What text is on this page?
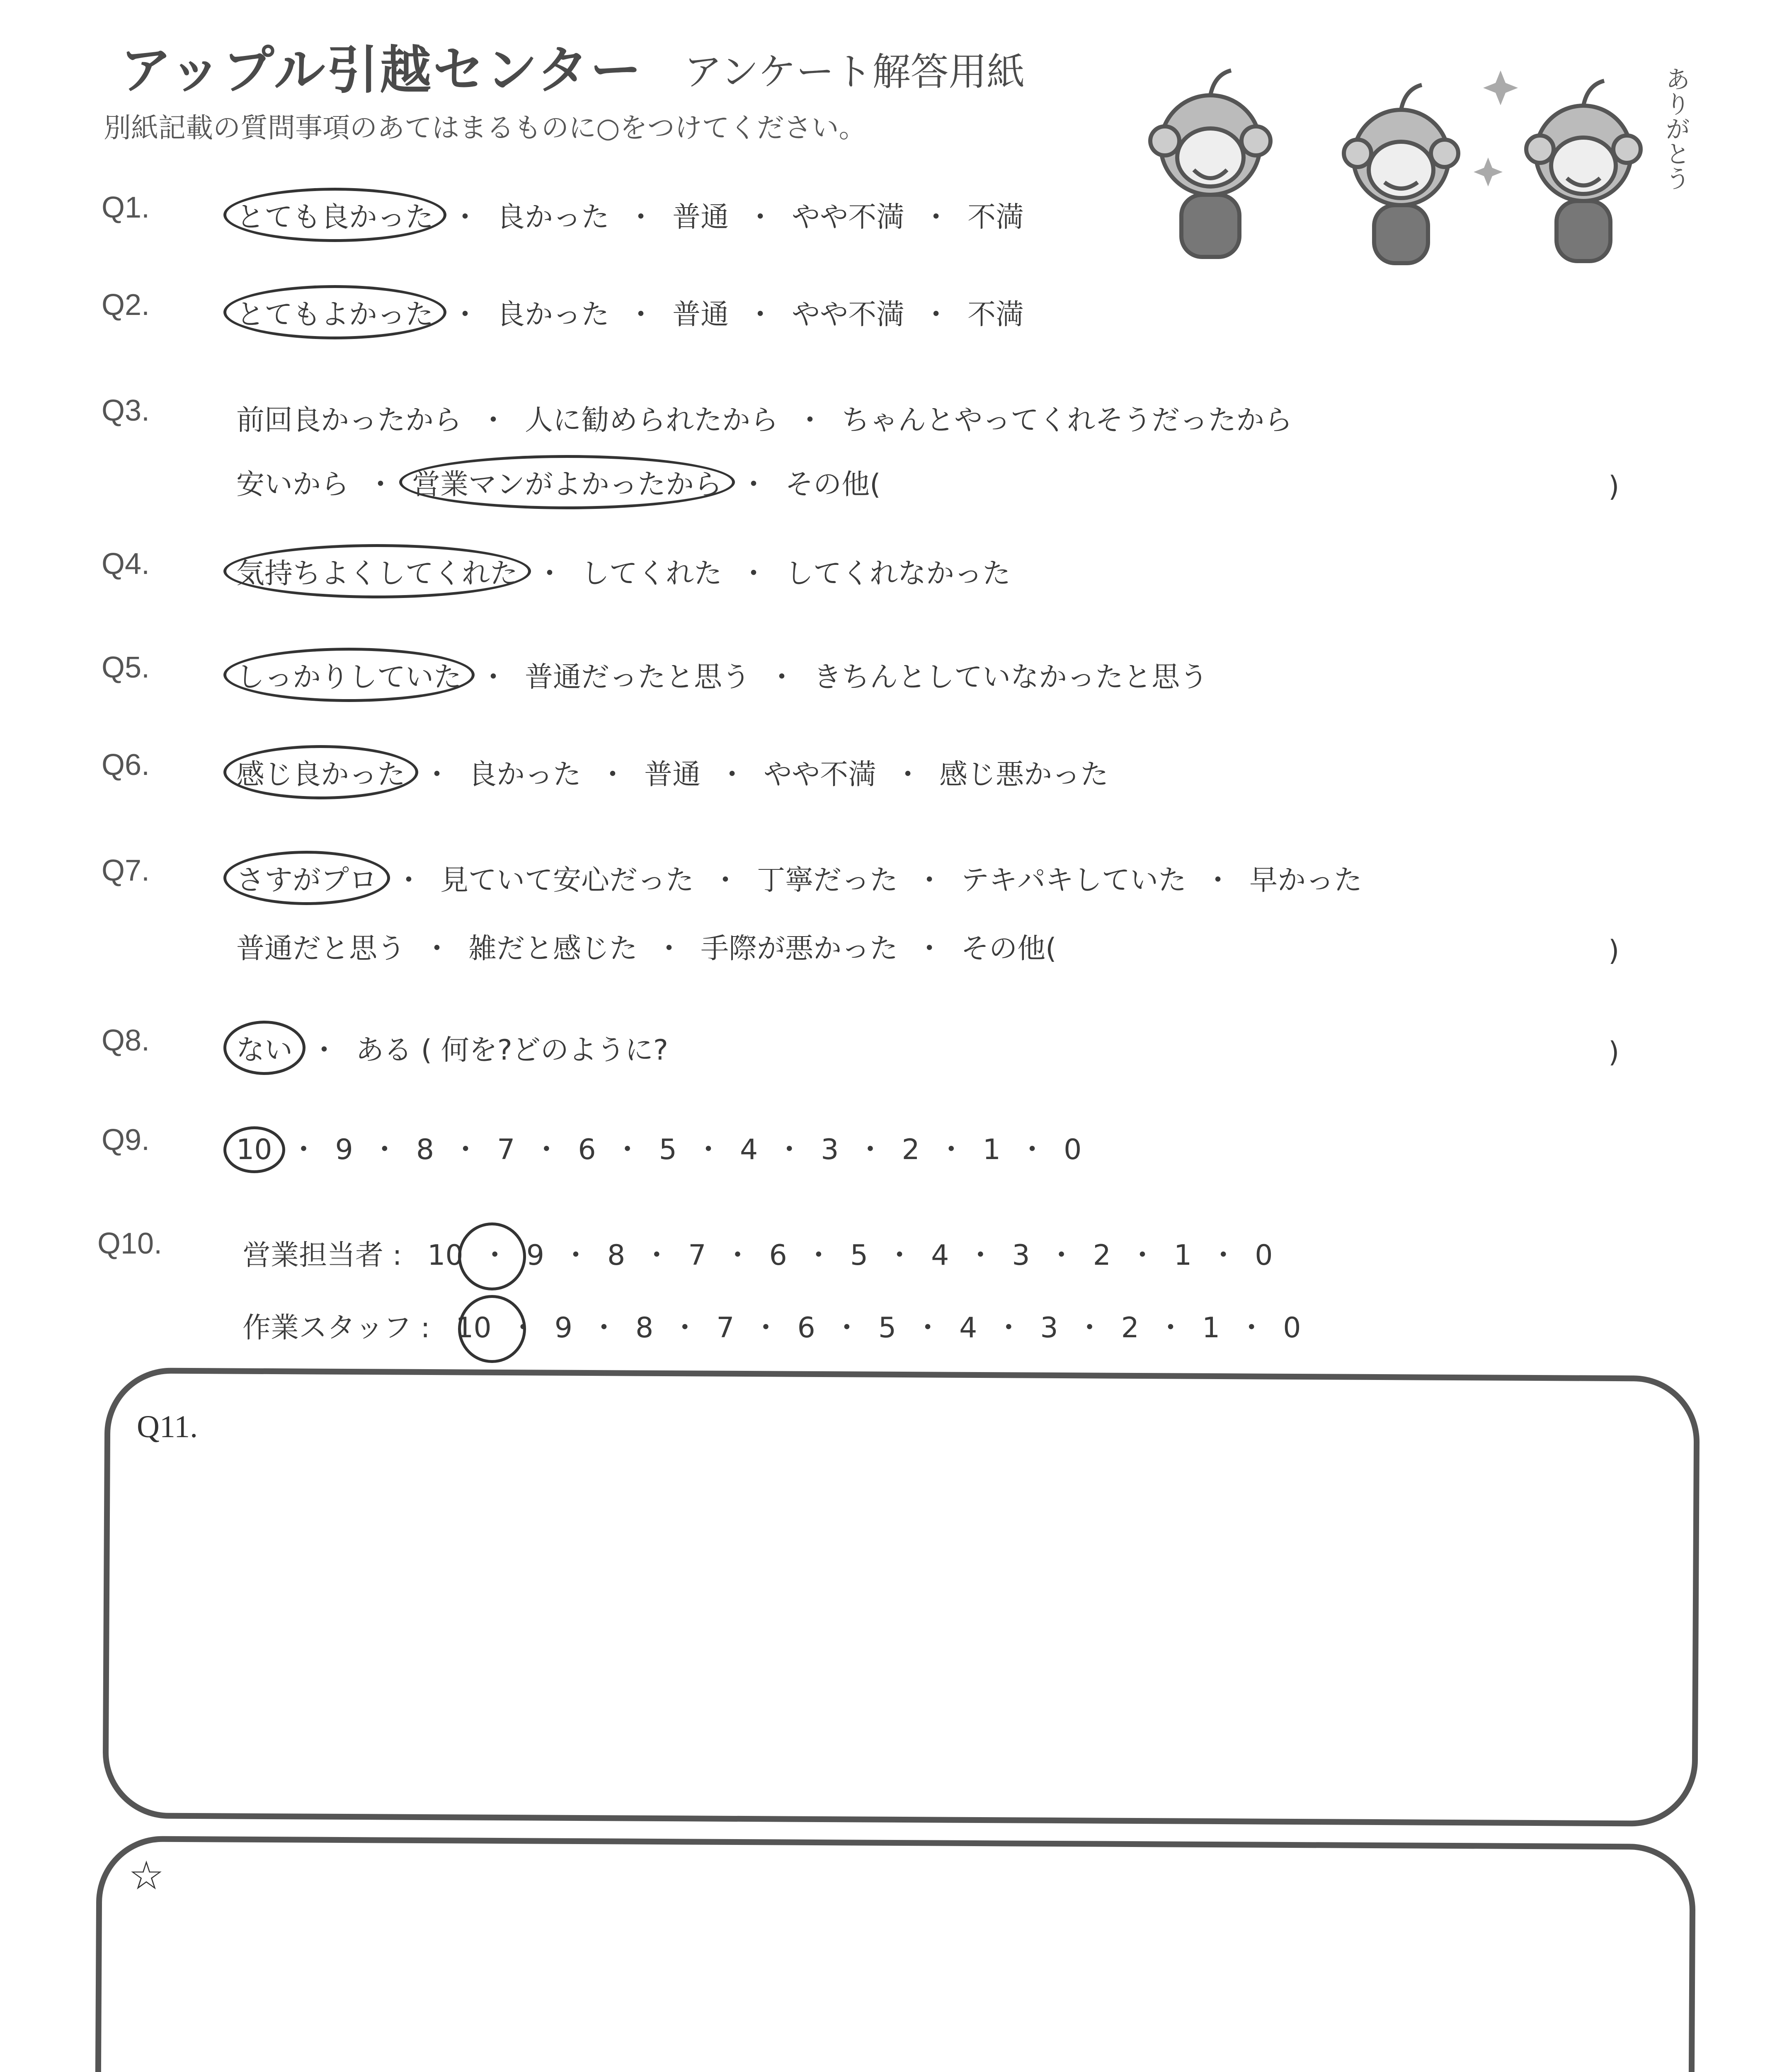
アップル引越センター アンケート解答用紙
別紙記載の質問事項のあてはまるものに○をつけてください。	ありがとう
Q1.	とても良かった ・ 良かった ・ 普通 ・ やや不満 ・ 不満
Q2.	とてもよかった ・ 良かった ・ 普通 ・ やや不満 ・ 不満
Q3.	前回良かったから ・ 人に勧められたから ・ ちゃんとやってくれそうだったから
安いから ・ 営業マンがよかったから ・ その他(	)
Q4.	気持ちよくしてくれた ・ してくれた ・ してくれなかった
Q5.	しっかりしていた ・ 普通だったと思う ・ きちんとしていなかったと思う
Q6.	感じ良かった ・ 良かった ・ 普通 ・ やや不満 ・ 感じ悪かった
Q7.	さすがプロ ・ 見ていて安心だった ・ 丁寧だった ・ テキパキしていた ・ 早かった
普通だと思う ・ 雑だと感じた ・ 手際が悪かった ・ その他(	)
Q8.	ない ・ ある ( 何を?どのように?	)
Q9.	10 ・ 9 ・ 8 ・ 7 ・ 6 ・ 5 ・ 4 ・ 3 ・ 2 ・ 1 ・ 0
Q10.	営業担当者 : 10 ・ 9 ・ 8 ・ 7 ・ 6 ・ 5 ・ 4 ・ 3 ・ 2 ・ 1 ・ 0
作業スタッフ : 10 ・ 9 ・ 8 ・ 7 ・ 6 ・ 5 ・ 4 ・ 3 ・ 2 ・ 1 ・ 0
Q11.
☆
